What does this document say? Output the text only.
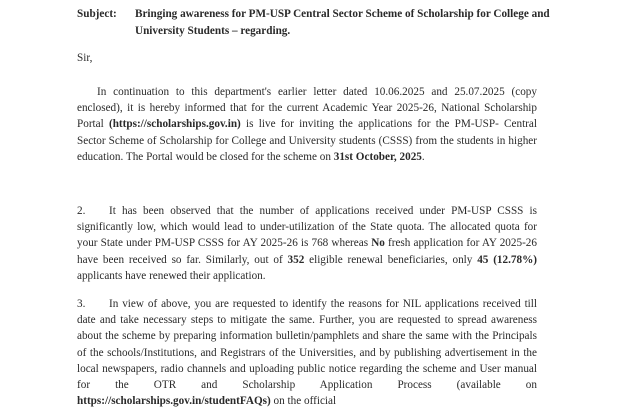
Subject: Bringing awareness for PM-USP Central Sector Scheme of Scholarship for College and University Students – regarding.
Sir,
In continuation to this department's earlier letter dated 10.06.2025 and 25.07.2025 (copy enclosed), it is hereby informed that for the current Academic Year 2025-26, National Scholarship Portal (https://scholarships.gov.in) is live for inviting the applications for the PM-USP- Central Sector Scheme of Scholarship for College and University students (CSSS) from the students in higher education. The Portal would be closed for the scheme on 31st October, 2025.
2. It has been observed that the number of applications received under PM-USP CSSS is significantly low, which would lead to under-utilization of the State quota. The allocated quota for your State under PM-USP CSSS for AY 2025-26 is 768 whereas No fresh application for AY 2025-26 have been received so far. Similarly, out of 352 eligible renewal beneficiaries, only 45 (12.78%) applicants have renewed their application.
3. In view of above, you are requested to identify the reasons for NIL applications received till date and take necessary steps to mitigate the same. Further, you are requested to spread awareness about the scheme by preparing information bulletin/pamphlets and share the same with the Principals of the schools/Institutions, and Registrars of the Universities, and by publishing advertisement in the local newspapers, radio channels and uploading public notice regarding the scheme and User manual for the OTR and Scholarship Application Process (available on https://scholarships.gov.in/studentFAQs) on the official
